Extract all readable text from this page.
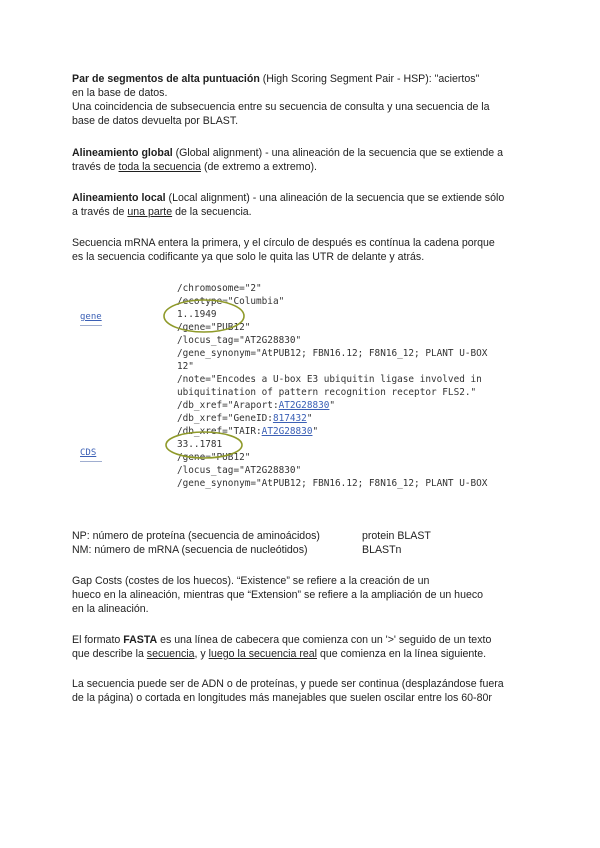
Par de segmentos de alta puntuación (High Scoring Segment Pair - HSP): "aciertos"
en la base de datos.
Una coincidencia de subsecuencia entre su secuencia de consulta y una secuencia de la
base de datos devuelta por BLAST.
Alineamiento global (Global alignment) - una alineación de la secuencia que se extiende a
través de toda la secuencia (de extremo a extremo).
Alineamiento local (Local alignment) - una alineación de la secuencia que se extiende sólo
a través de una parte de la secuencia.
Secuencia mRNA entera la primera, y el círculo de después es contínua la cadena porque
es la secuencia codificante ya que solo le quita las UTR de delante y atrás.
gene
CDS
/chromosome="2"
/ecotype="Columbia"
1..1949
/gene="PUB12"
/locus_tag="AT2G28830"
/gene_synonym="AtPUB12; FBN16.12; F8N16_12; PLANT U-BOX
12"
/note="Encodes a U-box E3 ubiquitin ligase involved in
ubiquitination of pattern recognition receptor FLS2."
/db_xref="Araport:AT2G28830"
/db_xref="GeneID:817432"
/db_xref="TAIR:AT2G28830"
33..1781
/gene="PUB12"
/locus_tag="AT2G28830"
/gene_synonym="AtPUB12; FBN16.12; F8N16_12; PLANT U-BOX
NP: número de proteína (secuencia de aminoácidos)	protein BLAST
NM: número de mRNA (secuencia de nucleótidos)	BLASTn
Gap Costs (costes de los huecos). “Existence” se refiere a la creación de un
hueco en la alineación, mientras que “Extension” se refiere a la ampliación de un hueco
en la alineación.
El formato FASTA es una línea de cabecera que comienza con un '>' seguido de un texto
que describe la secuencia, y luego la secuencia real que comienza en la línea siguiente.
La secuencia puede ser de ADN o de proteínas, y puede ser continua (desplazándose fuera
de la página) o cortada en longitudes más manejables que suelen oscilar entre los 60-80r
